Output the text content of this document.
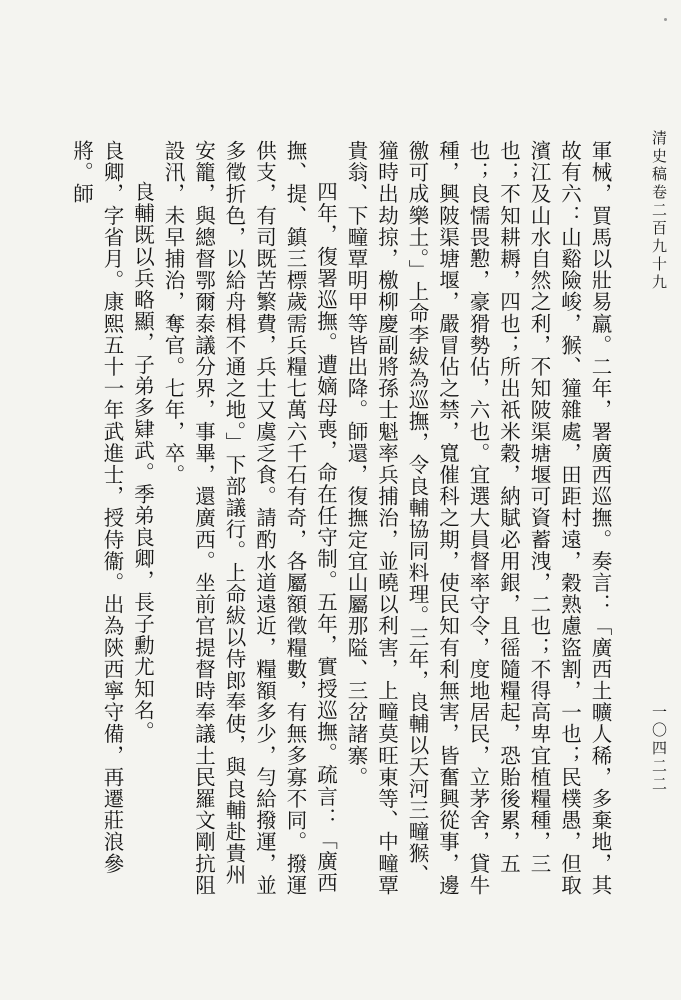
清史稿卷二百九十九
一〇四二二

軍械，買馬以壯易羸。二年，署廣西巡撫。奏言：「廣西土曠人稀，多棄地，其故有六：山谿險峻，𤠣、獞雜處，田距村遠，穀熟慮盜割，一也；民樸愚，但取濱江及山水自然之利，不知陂渠塘堰可資蓄洩，二也；不得高卑宜植糧種，三也；不知耕耨，四也；所出祇米穀，納賦必用銀，且徭隨糧起，恐貽後累，五也；良懦畏懃，豪猾勢佔，六也。宜選大員督率守令，度地居民，立茅舍，貸牛種，興陂渠塘堰，嚴冒佔之禁，寬催科之期，使民知有利無害，皆奮興從事，邊徼可成樂土。」上命李紱為巡撫，令良輔協同料理。三年，良輔以天河三疃𤠣、獞時出劫掠，檄柳慶副將孫士魁率兵捕治，並曉以利害，上疃莫旺東等、中疃覃貴翁、下疃覃明甲等皆出降。師還，復撫定宜山屬那隘、三岔諸寨。

四年，復署巡撫。遭嫡母喪，命在任守制。五年，實授巡撫。疏言：「廣西撫、提、鎮三標歲需兵糧七萬六千石有奇，各屬額徵糧數，有無多寡不同。撥運供支，有司既苦繁費，兵士又虞乏食。請酌水道遠近，糧額多少，勻給撥運，並多徵折色，以給舟楫不通之地。」下部議行。上命紱以侍郎奉使，與良輔赴貴州安籠，與總督鄂爾泰議分界，事畢，還廣西。坐前官提督時奉議土民羅文剛抗阻設汛，未早捕治，奪官。七年，卒。

良輔既以兵略顯，子弟多肄武。季弟良卿，長子勳尤知名。

良卿，字省月。康熙五十一年武進士，授侍衞。出為陝西寧守備，再遷莊浪參將。師
